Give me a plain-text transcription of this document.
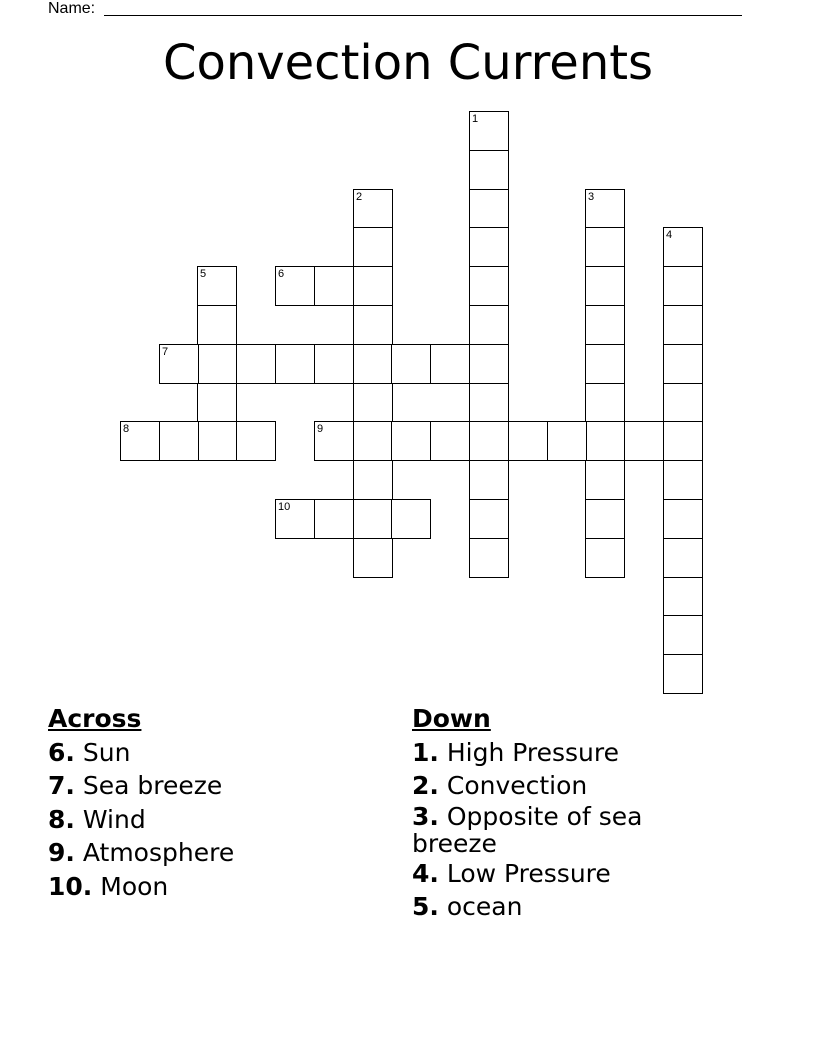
Name:
Convection Currents
1
2	3
4
5	6
7
8	9
10
Across
6. Sun
7. Sea breeze
8. Wind
9. Atmosphere
10. Moon
Down
1. High Pressure
2. Convection
3. Opposite of sea breeze
4. Low Pressure
5. ocean
